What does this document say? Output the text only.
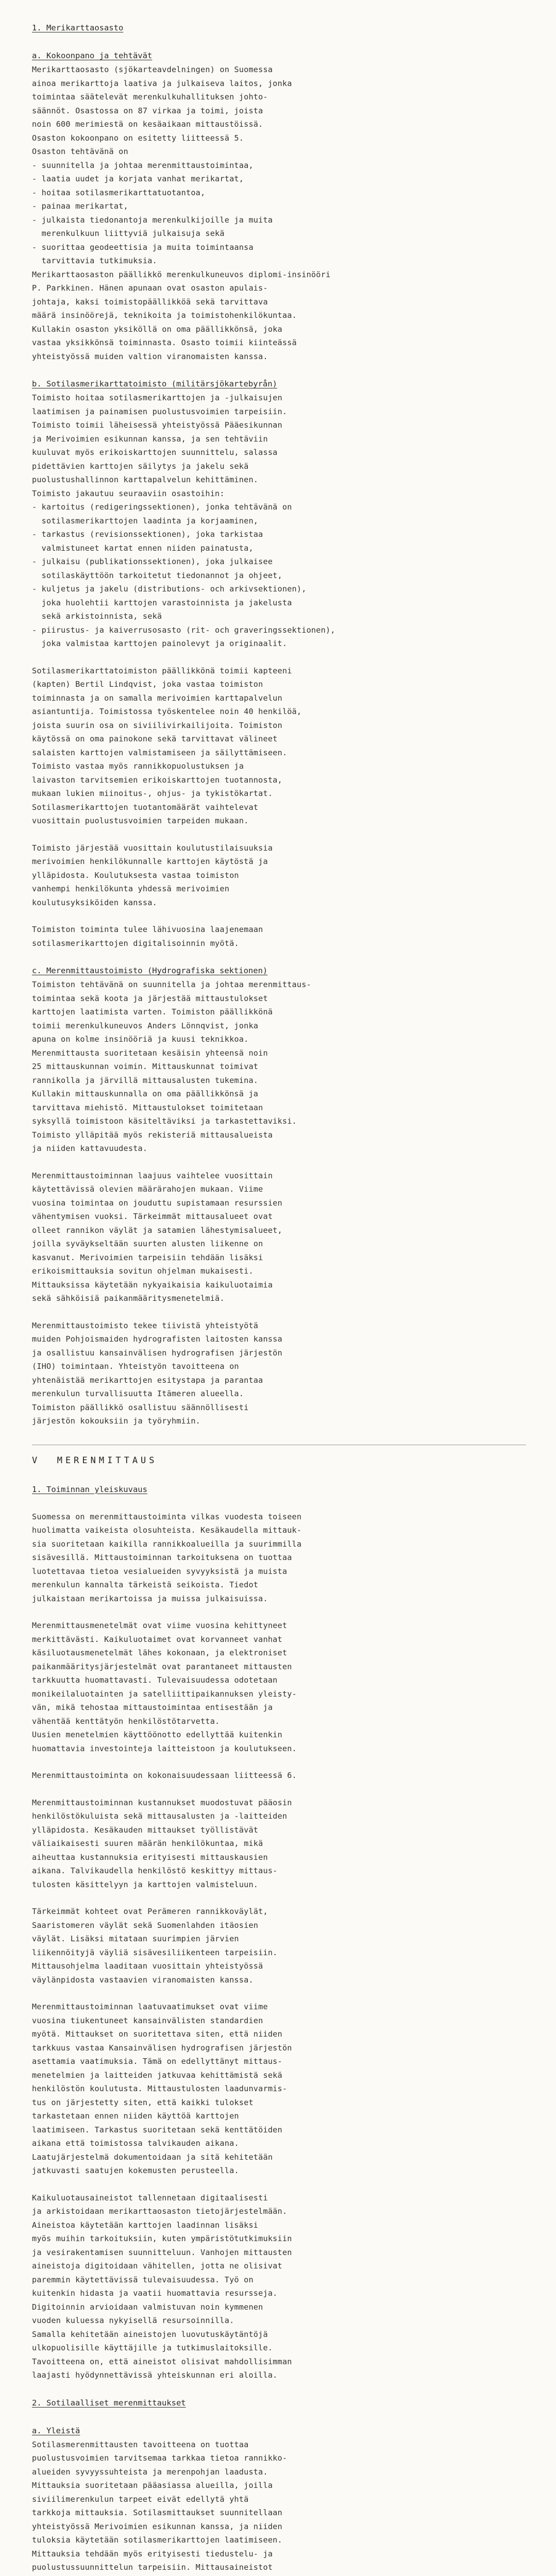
1. Merikarttaosasto
a. Kokoonpano ja tehtävät
Merikarttaosasto (sjökarteavdelningen) on Suomessa
ainoa merikarttoja laativa ja julkaiseva laitos, jonka
toimintaa säätelevät merenkulkuhallituksen johto-
säännöt. Osastossa on 87 virkaa ja toimi, joista
noin 600 merimiestä on kesäaikaan mittaustöissä.
Osaston kokoonpano on esitetty liitteessä 5.
Osaston tehtävänä on
- suunnitella ja johtaa merenmittaustoimintaa,
- laatia uudet ja korjata vanhat merikartat,
- hoitaa sotilasmerikarttatuotantoa,
- painaa merikartat,
- julkaista tiedonantoja merenkulkijoille ja muita
merenkulkuun liittyviä julkaisuja sekä
- suorittaa geodeettisia ja muita toimintaansa
tarvittavia tutkimuksia.
Merikarttaosaston päällikkö merenkulkuneuvos diplomi-insinööri
P. Parkkinen. Hänen apunaan ovat osaston apulais-
johtaja, kaksi toimistopäällikköä sekä tarvittava
määrä insinöörejä, teknikoita ja toimistohenkilökuntaa.
Kullakin osaston yksiköllä on oma päällikkönsä, joka
vastaa yksikkönsä toiminnasta. Osasto toimii kiinteässä
yhteistyössä muiden valtion viranomaisten kanssa.
b. Sotilasmerikarttatoimisto (militärsjökartebyrån)
Toimisto hoitaa sotilasmerikarttojen ja -julkaisujen
laatimisen ja painamisen puolustusvoimien tarpeisiin.
Toimisto toimii läheisessä yhteistyössä Pääesikunnan
ja Merivoimien esikunnan kanssa, ja sen tehtäviin
kuuluvat myös erikoiskarttojen suunnittelu, salassa
pidettävien karttojen säilytys ja jakelu sekä
puolustushallinnon karttapalvelun kehittäminen.
Toimisto jakautuu seuraaviin osastoihin:
- kartoitus (redigeringssektionen), jonka tehtävänä on
sotilasmerikarttojen laadinta ja korjaaminen,
- tarkastus (revisionssektionen), joka tarkistaa
valmistuneet kartat ennen niiden painatusta,
- julkaisu (publikationssektionen), joka julkaisee
sotilaskäyttöön tarkoitetut tiedonannot ja ohjeet,
- kuljetus ja jakelu (distributions- och arkivsektionen),
joka huolehtii karttojen varastoinnista ja jakelusta
sekä arkistoinnista, sekä
- piirustus- ja kaiverrusosasto (rit- och graveringssektionen),
joka valmistaa karttojen painolevyt ja originaalit.
Sotilasmerikarttatoimiston päällikkönä toimii kapteeni
(kapten) Bertil Lindqvist, joka vastaa toimiston
toiminnasta ja on samalla merivoimien karttapalvelun
asiantuntija. Toimistossa työskentelee noin 40 henkilöä,
joista suurin osa on siviilivirkailijoita. Toimiston
käytössä on oma painokone sekä tarvittavat välineet
salaisten karttojen valmistamiseen ja säilyttämiseen.
Toimisto vastaa myös rannikkopuolustuksen ja
laivaston tarvitsemien erikoiskarttojen tuotannosta,
mukaan lukien miinoitus-, ohjus- ja tykistökartat.
Sotilasmerikarttojen tuotantomäärät vaihtelevat
vuosittain puolustusvoimien tarpeiden mukaan.
Toimisto järjestää vuosittain koulutustilaisuuksia
merivoimien henkilökunnalle karttojen käytöstä ja
ylläpidosta. Koulutuksesta vastaa toimiston
vanhempi henkilökunta yhdessä merivoimien
koulutusyksiköiden kanssa.
Toimiston toiminta tulee lähivuosina laajenemaan
sotilasmerikarttojen digitalisoinnin myötä.
c. Merenmittaustoimisto (Hydrografiska sektionen)
Toimiston tehtävänä on suunnitella ja johtaa merenmittaus-
toimintaa sekä koota ja järjestää mittaustulokset
karttojen laatimista varten. Toimiston päällikkönä
toimii merenkulkuneuvos Anders Lönnqvist, jonka
apuna on kolme insinööriä ja kuusi teknikkoa.
Merenmittausta suoritetaan kesäisin yhteensä noin
25 mittauskunnan voimin. Mittauskunnat toimivat
rannikolla ja järvillä mittausalusten tukemina.
Kullakin mittauskunnalla on oma päällikkönsä ja
tarvittava miehistö. Mittaustulokset toimitetaan
syksyllä toimistoon käsiteltäviksi ja tarkastettaviksi.
Toimisto ylläpitää myös rekisteriä mittausalueista
ja niiden kattavuudesta.
Merenmittaustoiminnan laajuus vaihtelee vuosittain
käytettävissä olevien määrärahojen mukaan. Viime
vuosina toimintaa on jouduttu supistamaan resurssien
vähentymisen vuoksi. Tärkeimmät mittausalueet ovat
olleet rannikon väylät ja satamien lähestymisalueet,
joilla syväykseltään suurten alusten liikenne on
kasvanut. Merivoimien tarpeisiin tehdään lisäksi
erikoismittauksia sovitun ohjelman mukaisesti.
Mittauksissa käytetään nykyaikaisia kaikuluotaimia
sekä sähköisiä paikanmääritysmenetelmiä.
Merenmittaustoimisto tekee tiivistä yhteistyötä
muiden Pohjoismaiden hydrografisten laitosten kanssa
ja osallistuu kansainvälisen hydrografisen järjestön
(IHO) toimintaan. Yhteistyön tavoitteena on
yhtenäistää merikarttojen esitystapa ja parantaa
merenkulun turvallisuutta Itämeren alueella.
Toimiston päällikkö osallistuu säännöllisesti
järjestön kokouksiin ja työryhmiin.
V  MERENMITTAUS
1. Toiminnan yleiskuvaus
Suomessa on merenmittaustoiminta vilkas vuodesta toiseen
huolimatta vaikeista olosuhteista. Kesäkaudella mittauk-
sia suoritetaan kaikilla rannikkoalueilla ja suurimmilla
sisävesillä. Mittaustoiminnan tarkoituksena on tuottaa
luotettavaa tietoa vesialueiden syvyyksistä ja muista
merenkulun kannalta tärkeistä seikoista. Tiedot
julkaistaan merikartoissa ja muissa julkaisuissa.
Merenmittausmenetelmät ovat viime vuosina kehittyneet
merkittävästi. Kaikuluotaimet ovat korvanneet vanhat
käsiluotausmenetelmät lähes kokonaan, ja elektroniset
paikanmääritysjärjestelmät ovat parantaneet mittausten
tarkkuutta huomattavasti. Tulevaisuudessa odotetaan
monikeilaluotainten ja satelliittipaikannuksen yleisty-
vän, mikä tehostaa mittaustoimintaa entisestään ja
vähentää kenttätyön henkilöstötarvetta.
Uusien menetelmien käyttöönotto edellyttää kuitenkin
huomattavia investointeja laitteistoon ja koulutukseen.
Merenmittaustoiminta on kokonaisuudessaan liitteessä 6.
Merenmittaustoiminnan kustannukset muodostuvat pääosin
henkilöstökuluista sekä mittausalusten ja -laitteiden
ylläpidosta. Kesäkauden mittaukset työllistävät
väliaikaisesti suuren määrän henkilökuntaa, mikä
aiheuttaa kustannuksia erityisesti mittauskausien
aikana. Talvikaudella henkilöstö keskittyy mittaus-
tulosten käsittelyyn ja karttojen valmisteluun.
Tärkeimmät kohteet ovat Perämeren rannikkoväylät,
Saaristomeren väylät sekä Suomenlahden itäosien
väylät. Lisäksi mitataan suurimpien järvien
liikennöityjä väyliä sisävesiliikenteen tarpeisiin.
Mittausohjelma laaditaan vuosittain yhteistyössä
väylänpidosta vastaavien viranomaisten kanssa.
Merenmittaustoiminnan laatuvaatimukset ovat viime
vuosina tiukentuneet kansainvälisten standardien
myötä. Mittaukset on suoritettava siten, että niiden
tarkkuus vastaa Kansainvälisen hydrografisen järjestön
asettamia vaatimuksia. Tämä on edellyttänyt mittaus-
menetelmien ja laitteiden jatkuvaa kehittämistä sekä
henkilöstön koulutusta. Mittaustulosten laadunvarmis-
tus on järjestetty siten, että kaikki tulokset
tarkastetaan ennen niiden käyttöä karttojen
laatimiseen. Tarkastus suoritetaan sekä kenttätöiden
aikana että toimistossa talvikauden aikana.
Laatujärjestelmä dokumentoidaan ja sitä kehitetään
jatkuvasti saatujen kokemusten perusteella.
Kaikuluotausaineistot tallennetaan digitaalisesti
ja arkistoidaan merikarttaosaston tietojärjestelmään.
Aineistoa käytetään karttojen laadinnan lisäksi
myös muihin tarkoituksiin, kuten ympäristötutkimuksiin
ja vesirakentamisen suunnitteluun. Vanhojen mittausten
aineistoja digitoidaan vähitellen, jotta ne olisivat
paremmin käytettävissä tulevaisuudessa. Työ on
kuitenkin hidasta ja vaatii huomattavia resursseja.
Digitoinnin arvioidaan valmistuvan noin kymmenen
vuoden kuluessa nykyisellä resursoinnilla.
Samalla kehitetään aineistojen luovutuskäytäntöjä
ulkopuolisille käyttäjille ja tutkimuslaitoksille.
Tavoitteena on, että aineistot olisivat mahdollisimman
laajasti hyödynnettävissä yhteiskunnan eri aloilla.
2. Sotilaalliset merenmittaukset
a. Yleistä
Sotilasmerenmittausten tavoitteena on tuottaa
puolustusvoimien tarvitsemaa tarkkaa tietoa rannikko-
alueiden syvyyssuhteista ja merenpohjan laadusta.
Mittauksia suoritetaan pääasiassa alueilla, joilla
siviilimerenkulun tarpeet eivät edellytä yhtä
tarkkoja mittauksia. Sotilasmittaukset suunnitellaan
yhteistyössä Merivoimien esikunnan kanssa, ja niiden
tuloksia käytetään sotilasmerikarttojen laatimiseen.
Mittauksia tehdään myös erityisesti tiedustelu- ja
puolustussuunnittelun tarpeisiin. Mittausaineistot
